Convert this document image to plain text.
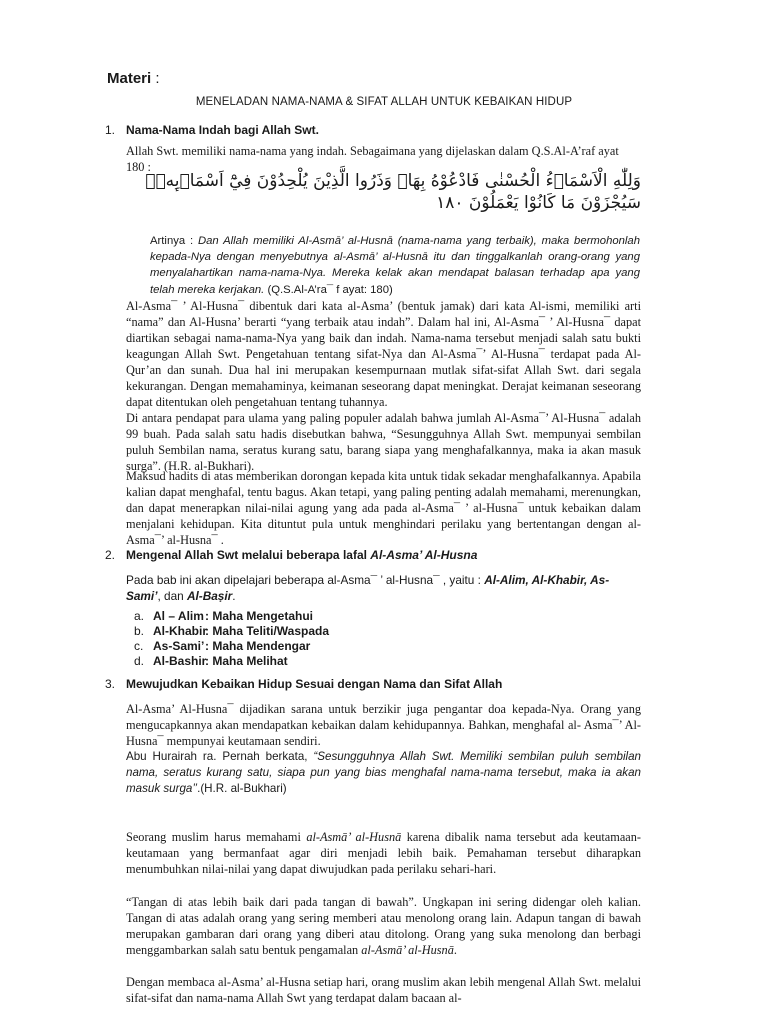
Materi :
MENELADAN NAMA-NAMA & SIFAT ALLAH UNTUK KEBAIKAN HIDUP
1. Nama-Nama Indah bagi Allah Swt.
Allah Swt. memiliki nama-nama yang indah. Sebagaimana yang dijelaskan dalam Q.S.Al-A’raf ayat 180 :
وَلِلّٰهِ الْاَسْمَاۤءُ الْحُسْنٰى فَادْعُوْهُ بِهَاۖ وَذَرُوا الَّذِيْنَ يُلْحِدُوْنَ فِيْٓ اَسْمَاۤىِٕهٖۗ سَيُجْزَوْنَ مَا كَانُوْا يَعْمَلُوْنَ ١٨٠
Artinya : Dan Allah memiliki Al-Asmā’ al-Husnā (nama-nama yang terbaik), maka bermohonlah kepada-Nya dengan menyebutnya al-Asmā’ al-Husnā itu dan tinggalkanlah orang-orang yang menyalahartikan nama-nama-Nya. Mereka kelak akan mendapat balasan terhadap apa yang telah mereka kerjakan. (Q.S.Al-A’ra¯ f ayat: 180)
Al-Asma¯ ’ Al-Husna¯ dibentuk dari kata al-Asma’ (bentuk jamak) dari kata Al-ismi, memiliki arti “nama” dan Al-Husna’ berarti “yang terbaik atau indah”. Dalam hal ini, Al-Asma¯ ’ Al-Husna¯ dapat diartikan sebagai nama-nama-Nya yang baik dan indah. Nama-nama tersebut menjadi salah satu bukti keagungan Allah Swt. Pengetahuan tentang sifat-Nya dan Al-Asma¯’ Al-Husna¯ terdapat pada Al-Qur’an dan sunah. Dua hal ini merupakan kesempurnaan mutlak sifat-sifat Allah Swt. dari segala kekurangan. Dengan memahaminya, keimanan seseorang dapat meningkat. Derajat keimanan seseorang dapat ditentukan oleh pengetahuan tentang tuhannya.
Di antara pendapat para ulama yang paling populer adalah bahwa jumlah Al-Asma¯’ Al-Husna¯ adalah 99 buah. Pada salah satu hadis disebutkan bahwa, “Sesungguhnya Allah Swt. mempunyai sembilan puluh Sembilan nama, seratus kurang satu, barang siapa yang menghafalkannya, maka ia akan masuk surga”. (H.R. al-Bukhari).
Maksud hadits di atas memberikan dorongan kepada kita untuk tidak sekadar menghafalkannya. Apabila kalian dapat menghafal, tentu bagus. Akan tetapi, yang paling penting adalah memahami, merenungkan, dan dapat menerapkan nilai-nilai agung yang ada pada al-Asma¯ ’ al-Husna¯ untuk kebaikan dalam menjalani kehidupan. Kita dituntut pula untuk menghindari perilaku yang bertentangan dengan al-Asma¯’ al-Husna¯ .
2. Mengenal Allah Swt melalui beberapa lafal Al-Asma’ Al-Husna
Pada bab ini akan dipelajari beberapa al-Asma¯ ’ al-Husna¯ , yaitu : Al-Alim, Al-Khabir, As-Sami’, dan Al-Baṣir.
a. Al – Alim : Maha Mengetahui
b. Al-Khabir
: Maha Teliti/Waspada
c. As-Sami’ : Maha Mendengar
d. Al-Bashir
: Maha Melihat
3. Mewujudkan Kebaikan Hidup Sesuai dengan Nama dan Sifat Allah
Al-Asma’ Al-Husna¯ dijadikan sarana untuk berzikir juga pengantar doa kepada-Nya. Orang yang mengucapkannya akan mendapatkan kebaikan dalam kehidupannya. Bahkan, menghafal al- Asma¯’ Al-Husna¯ mempunyai keutamaan sendiri.
Abu Hurairah ra. Pernah berkata, “Sesungguhnya Allah Swt. Memiliki sembilan puluh sembilan nama, seratus kurang satu, siapa pun yang bias menghafal nama-nama tersebut, maka ia akan masuk surga’’.(H.R. al-Bukhari)
Seorang muslim harus memahami al-Asmā’ al-Husnā karena dibalik nama tersebut ada keutamaan-keutamaan yang bermanfaat agar diri menjadi lebih baik. Pemahaman tersebut diharapkan menumbuhkan nilai-nilai yang dapat diwujudkan pada perilaku sehari-hari.
“Tangan di atas lebih baik dari pada tangan di bawah”. Ungkapan ini sering didengar oleh kalian. Tangan di atas adalah orang yang sering memberi atau menolong orang lain. Adapun tangan di bawah merupakan gambaran dari orang yang diberi atau ditolong. Orang yang suka menolong dan berbagi menggambarkan salah satu bentuk pengamalan al-Asmā’ al-Husnā.
Dengan membaca al-Asma’ al-Husna setiap hari, orang muslim akan lebih mengenal Allah Swt. melalui sifat-sifat dan nama-nama Allah Swt yang terdapat dalam bacaan al-
